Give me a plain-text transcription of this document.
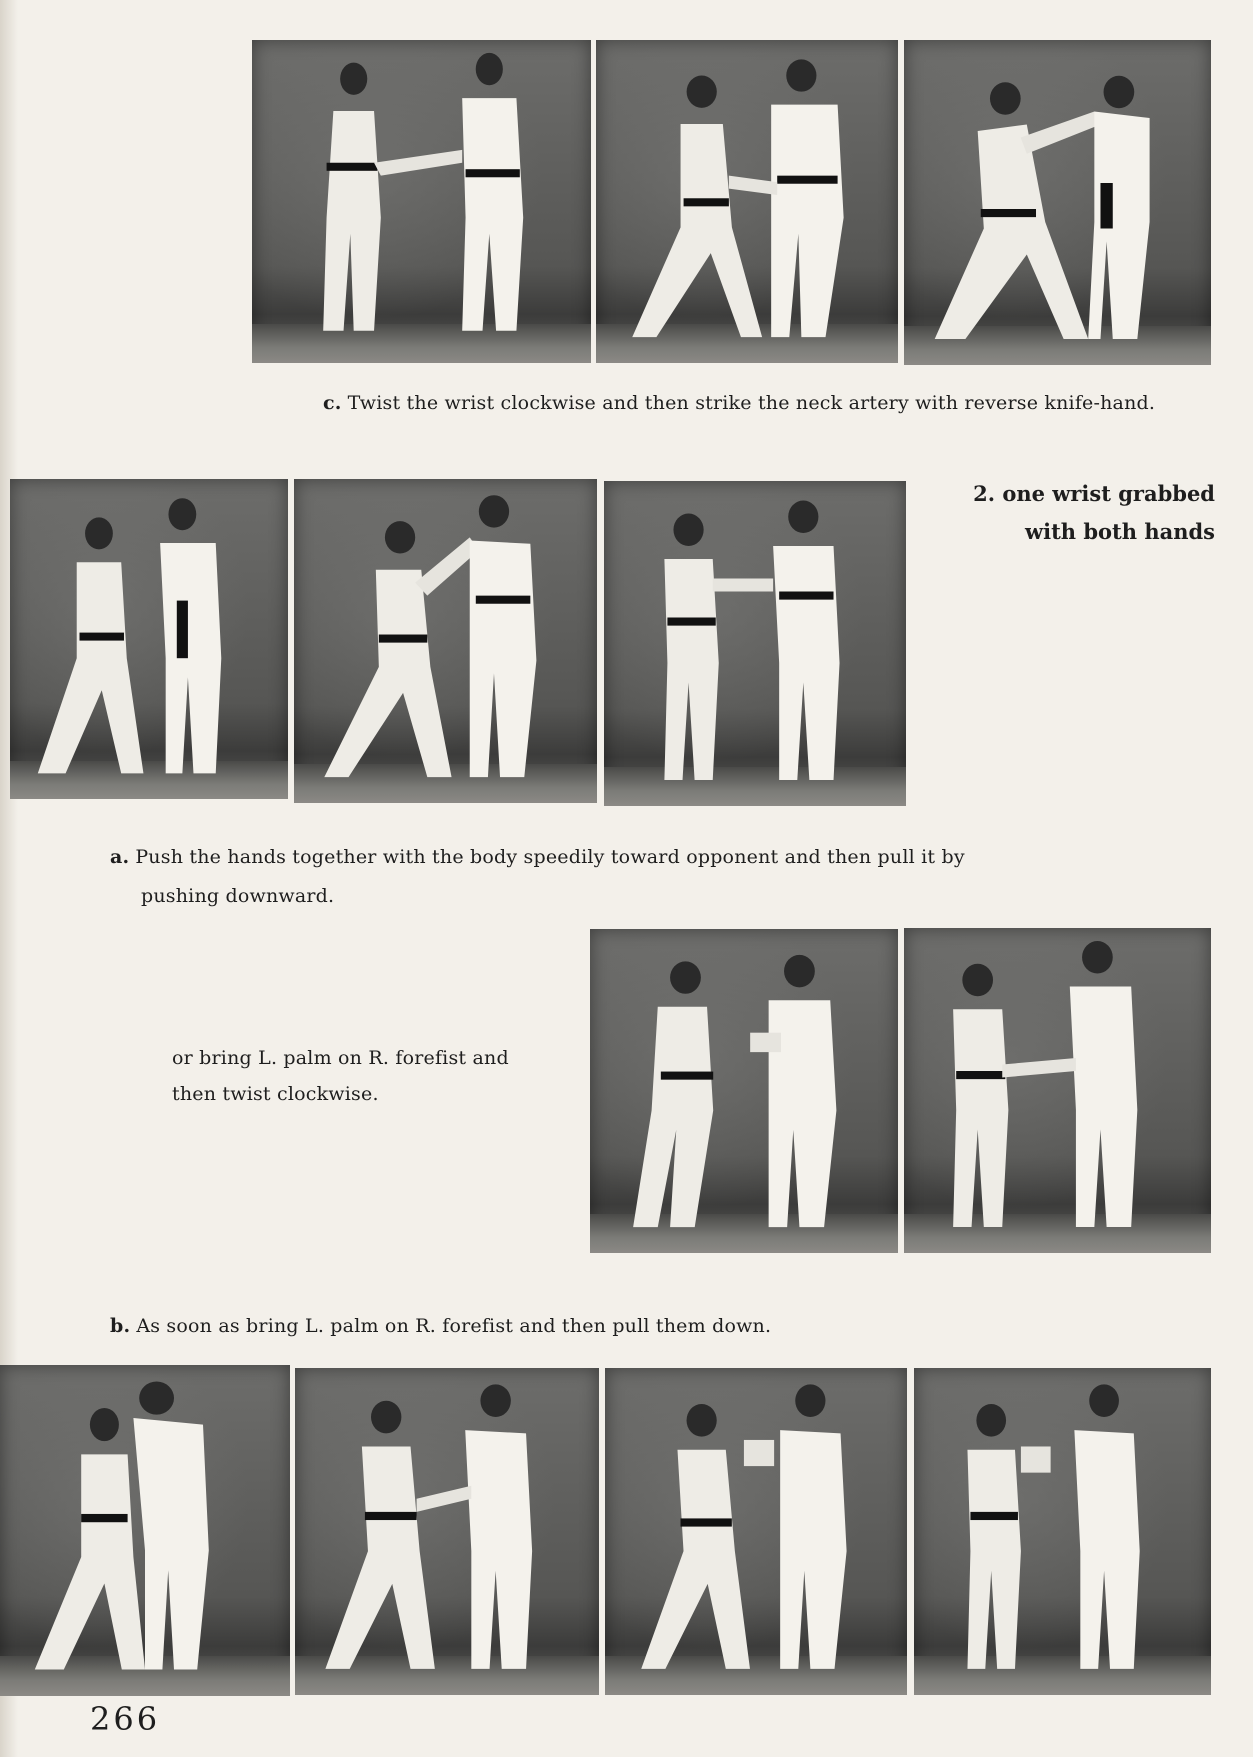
c. Twist the wrist clockwise and then strike the neck artery with reverse knife-hand.
2. one wrist grabbed
with both hands
a. Push the hands together with the body speedily toward opponent and then pull it by
pushing downward.
or bring L. palm on R. forefist and
then twist clockwise.
b. As soon as bring L. palm on R. forefist and then pull them down.
266
